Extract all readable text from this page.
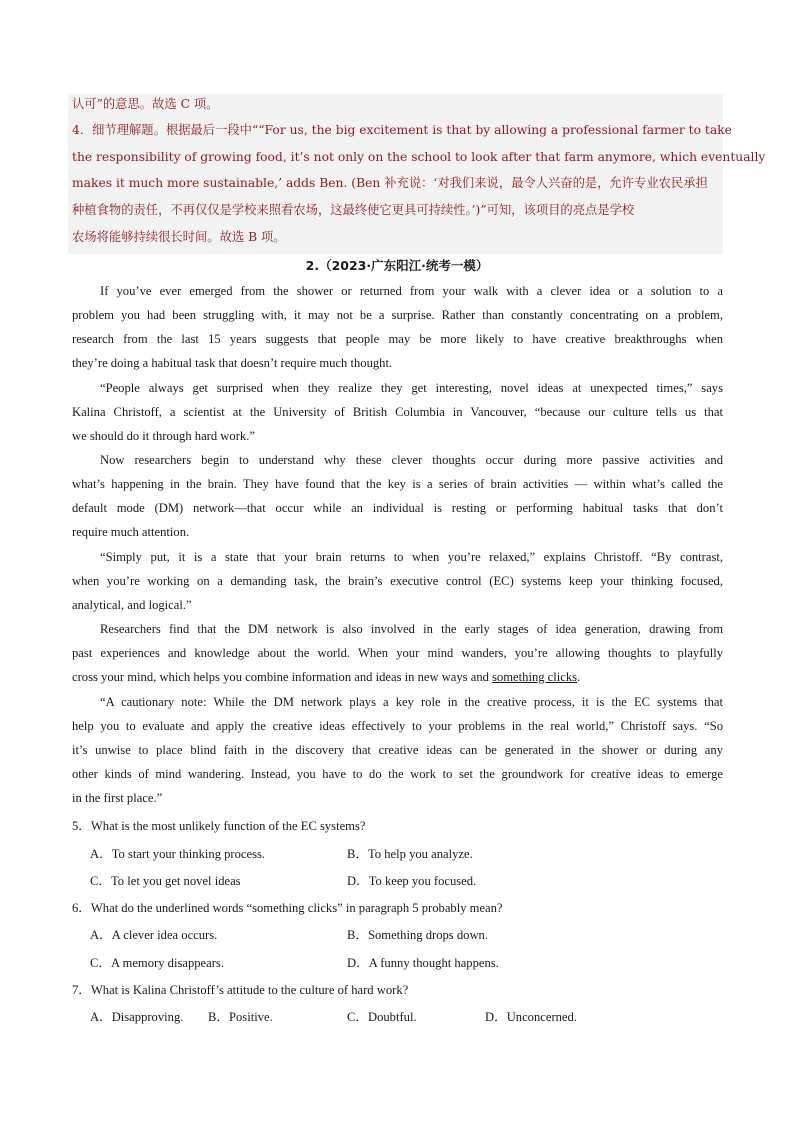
认可”的意思。故选 C 项。
4．细节理解题。根据最后一段中““For us, the big excitement is that by allowing a professional farmer to take
the responsibility of growing food, it’s not only on the school to look after that farm anymore, which eventually
makes it much more sustainable,’ adds Ben. (Ben 补充说：‘对我们来说，最令人兴奋的是，允许专业农民承担
种植食物的责任，不再仅仅是学校来照看农场，这最终使它更具可持续性。’)”可知，该项目的亮点是学校
农场将能够持续很长时间。故选 B 项。
2.（2023·广东阳江·统考一模）
If you’ve ever emerged from the shower or returned from your walk with a clever idea or a solution to a
problem you had been struggling with, it may not be a surprise. Rather than constantly concentrating on a problem,
research from the last 15 years suggests that people may be more likely to have creative breakthroughs when
they’re doing a habitual task that doesn’t require much thought.
“People always get surprised when they realize they get interesting, novel ideas at unexpected times,” says
Kalina Christoff, a scientist at the University of British Columbia in Vancouver, “because our culture tells us that
we should do it through hard work.”
Now researchers begin to understand why these clever thoughts occur during more passive activities and
what’s happening in the brain. They have found that the key is a series of brain activities — within what’s called the
default mode (DM) network—that occur while an individual is resting or performing habitual tasks that don’t
require much attention.
“Simply put, it is a state that your brain returns to when you’re relaxed,” explains Christoff. “By contrast,
when you’re working on a demanding task, the brain’s executive control (EC) systems keep your thinking focused,
analytical, and logical.”
Researchers find that the DM network is also involved in the early stages of idea generation, drawing from
past experiences and knowledge about the world. When your mind wanders, you’re allowing thoughts to playfully
cross your mind, which helps you combine information and ideas in new ways and something clicks.
“A cautionary note: While the DM network plays a key role in the creative process, it is the EC systems that
help you to evaluate and apply the creative ideas effectively to your problems in the real world,” Christoff says. “So
it’s unwise to place blind faith in the discovery that creative ideas can be generated in the shower or during any
other kinds of mind wandering. Instead, you have to do the work to set the groundwork for creative ideas to emerge
in the first place.”
5．What is the most unlikely function of the EC systems?
A．To start your thinking process.	B．To help you analyze.
C．To let you get novel ideas	D．To keep you focused.
6．What do the underlined words “something clicks” in paragraph 5 probably mean?
A．A clever idea occurs.	B．Something drops down.
C．A memory disappears.	D．A funny thought happens.
7．What is Kalina Christoff’s attitude to the culture of hard work?
A．Disapproving. B．Positive.	C．Doubtful.	D．Unconcerned.
